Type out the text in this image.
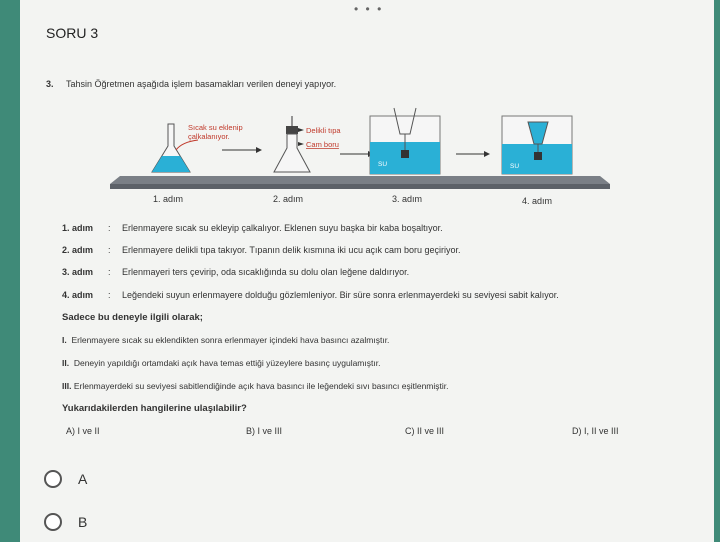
• • •
SORU 3
3. Tahsin Öğretmen aşağıda işlem basamakları verilen deneyi yapıyor.
Sıcak su eklenip
çalkalanıyor.
Delikli tıpa
Cam boru
SU	SU
1. adım	2. adım	3. adım	4. adım
1. adım : Erlenmayere sıcak su ekleyip çalkalıyor. Eklenen suyu başka bir kaba boşaltıyor.
2. adım : Erlenmayere delikli tıpa takıyor. Tıpanın delik kısmına iki ucu açık cam boru geçiriyor.
3. adım : Erlenmayeri ters çevirip, oda sıcaklığında su dolu olan leğene daldırıyor.
4. adım : Leğendeki suyun erlenmayere dolduğu gözlemleniyor. Bir süre sonra erlenmayerdeki su seviyesi sabit kalıyor.
Sadece bu deneyle ilgili olarak;
I. Erlenmayere sıcak su eklendikten sonra erlenmayer içindeki hava basıncı azalmıştır.
II. Deneyin yapıldığı ortamdaki açık hava temas ettiği yüzeylere basınç uygulamıştır.
III. Erlenmayerdeki su seviyesi sabitlendiğinde açık hava basıncı ile leğendeki sıvı basıncı eşitlenmiştir.
Yukarıdakilerden hangilerine ulaşılabilir?
A) I ve II	B) I ve III	C) II ve III	D) I, II ve III
A
B
